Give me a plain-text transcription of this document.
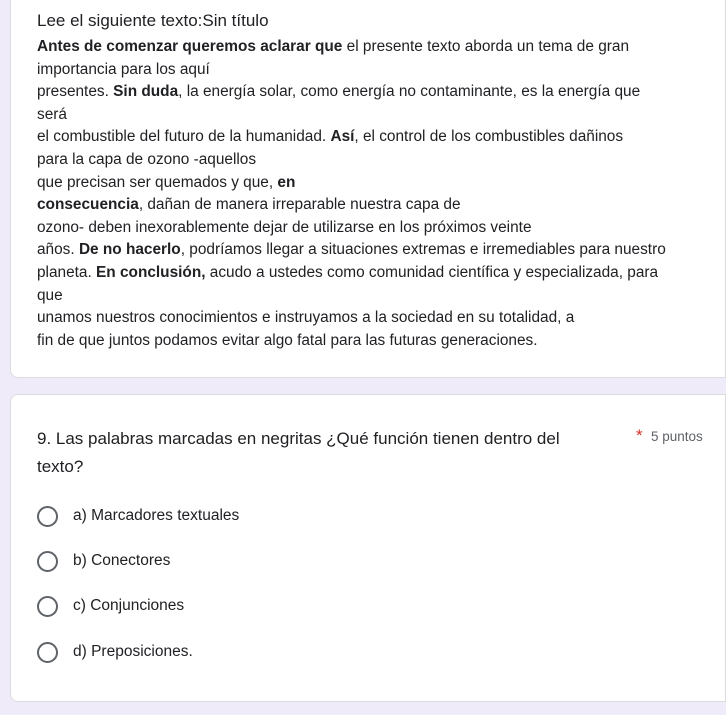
Lee el siguiente texto:Sin título
Antes de comenzar queremos aclarar que el presente texto aborda un tema de gran
importancia para los aquí
presentes. Sin duda, la energía solar, como energía no contaminante, es la energía que
será
el combustible del futuro de la humanidad. Así, el control de los combustibles dañinos
para la capa de ozono -aquellos
que precisan ser quemados y que, en
consecuencia, dañan de manera irreparable nuestra capa de
ozono- deben inexorablemente dejar de utilizarse en los próximos veinte
años. De no hacerlo, podríamos llegar a situaciones extremas e irremediables para nuestro
planeta. En conclusión, acudo a ustedes como comunidad científica y especializada, para
que
unamos nuestros conocimientos e instruyamos a la sociedad en su totalidad, a
fin de que juntos podamos evitar algo fatal para las futuras generaciones.
9. Las palabras marcadas en negritas ¿Qué función tienen dentro del texto?
* 5 puntos
a) Marcadores textuales
b) Conectores
c) Conjunciones
d) Preposiciones.
